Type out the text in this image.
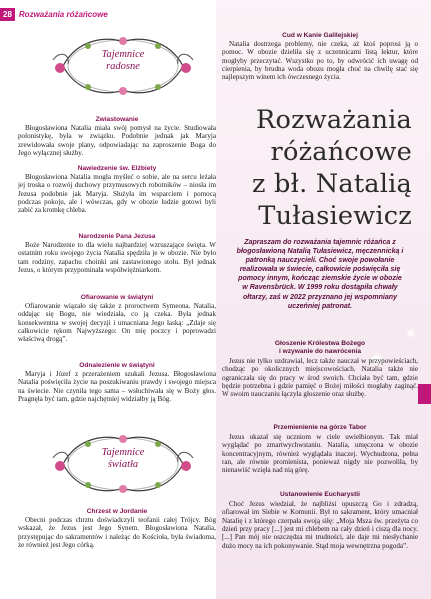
28 Rozważania różańcowe
Tajemnice
radosne
Zwiastowanie

Błogosławiona Natalia miała swój pomysł na życie. Studiowała polonistykę, była w związku. Podobnie jednak jak Maryja zrewidowała swoje plany, odpowiadając na zaproszenie Boga do Jego wyłącznej służby.

Nawiedzenie św. Elżbiety

Błogosławiona Natalia mogła myśleć o sobie, ale na sercu leżała jej troska o rozwój duchowy przymusowych robotników – niosła im Jezusa podobnie jak Maryja. Służyła im wsparciem i pomocą podczas pokoju, ale i wówczas, gdy w obozie ludzie gotowi byli zabić za kromkę chleba.

Narodzenie Pana Jezusa

Boże Narodzenie to dla wielu najbardziej wzruszające święta. W ostatnim roku swojego życia Natalia spędziła je w obozie. Nie było tam rodziny, zapachu choinki ani zastawionego stołu. Był jednak Jezus, o którym przypominała współwięźniarkom.

Ofiarowanie w świątyni

Ofiarowanie wiązało się także z proroctwem Symeona. Natalia, oddając się Bogu, nie wiedziała, co ją czeka. Była jednak konsekwentna w swojej decyzji i umacniana Jego łaską: „Zdaje się całkowicie rękom Najwyższego: On mię poczcy i poprowadzi właściwą drogą”.

Odnalezienie w świątyni

Maryja i Józef z przerażeniem szukali Jezusa. Błogosławiona Natalia poświęciła życie na poszukiwaniu prawdy i swojego miejsca na świecie. Nie czyniła tego sama – wsłuchiwała się w Boży głos. Pragnęła być tam, gdzie najchętniej widziałby ją Bóg.

Tajemnice
światła
Chrzest w Jordanie

Obecni podczas chrztu doświadczyli teofanii całej Trójcy. Bóg wskazał, że Jezus jest Jego Synem. Błogosławiona Natalia, przystępując do sakramentów i należąc do Kościoła, była świadoma, że również jest Jego córką.

Cud w Kanie Galilejskiej

Natalia dostrzega problemy, nie czeka, aż ktoś poprosi ją o pomoc. W obozie dzieliła się z uczennicami listą lektur, które mogłyby przeczytać. Wszystko po to, by odwrócić ich uwagę od cierpienia, by brudna woda obozu mogła choć na chwilę stać się najlepszym winem ich ówczesnego życia.

Rozważania
różańcowe
z bł. Natalią
Tułasiewicz
Zapraszam do rozważania tajemnic różańca z błogosławioną Natalią Tułasiewicz, męczennicką i patronką nauczycieli. Choć swoje powołanie realizowała w świecie, całkowicie poświęciła się pomocy innym, kończąc ziemskie życie w obozie w Ravensbrück. W 1999 roku dostąpiła chwały ołtarzy, zaś w 2022 przyznano jej wspomniany uczeńniej patronat.
Głoszenie Królestwa Bożego
i wzywanie do nawrócenia

Jezus nie tylko uzdrawiał, lecz także nauczał w przypowieściach, chodząc po okolicznych miejscowościach. Natalia także nie ograniczała się do pracy w środ swoich. Chciała być tam, gdzie będzie potrzebna i gdzie pamięć o Bożej miłości mogłaby zaginąć. W swoim nauczaniu łączyła głoszenie oraz służbę.

Przemienienie na górze Tabor

Jezus ukazał się uczniom w ciele uwielbionym. Tak miał wyglądać po zmartwychwstaniu. Natalia, umęczona w obozie koncentracyjnym, również wyglądała inaczej. Wychudzona, pełna ran, ale równie promienista, ponieważ nigdy nie pozwoliła, by nienawiść wzięła nad nią górę.

Ustanowienie Eucharystii

Choć Jezus wiedział, że najbliżsi opuszczą Go i zdradzą, ofiarował im Siebie w Komunii. Był to sakrament, który umacniał Natalię i z którego czerpała swoją siłę: „Moja Msza św. przeżyta co dzień przy pracy [...] jest mi chlebem na cały dzień i ciszą dla nocy. [...] Pan mój nie oszczędza mi trudności, ale daje mi niesłychanie dużo mocy na ich pokonywanie. Stąd moja wewnętrzna pogoda”.
